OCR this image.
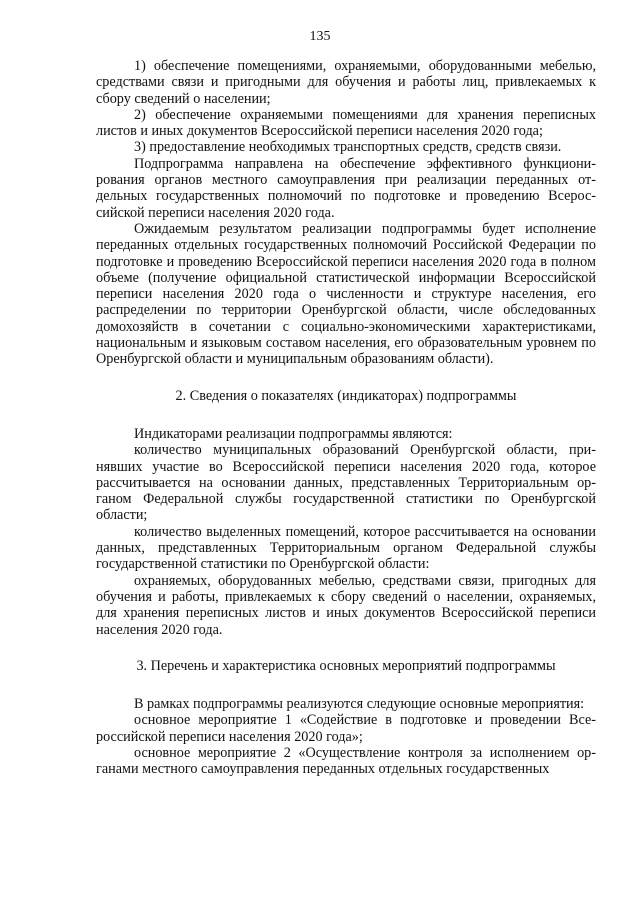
135

1) обеспечение помещениями, охраняемыми, оборудованными мебелью, средствами связи и пригодными для обучения и работы лиц, привлекаемых к сбору сведений о населении;

2) обеспечение охраняемыми помещениями для хранения переписных листов и иных документов Всероссийской переписи населения 2020 года;

3) предоставление необходимых транспортных средств, средств связи.

Подпрограмма направлена на обеспечение эффективного функционирования органов местного самоуправления при реализации переданных отдельных государственных полномочий по подготовке и проведению Всероссийской переписи населения 2020 года.

Ожидаемым результатом реализации подпрограммы будет исполнение переданных отдельных государственных полномочий Российской Федерации по подготовке и проведению Всероссийской переписи населения 2020 года в полном объеме (получение официальной статистической информации Всероссийской переписи населения 2020 года о численности и структуре населения, его распределении по территории Оренбургской области, числе обследованных домохозяйств в сочетании с социально-экономическими характеристиками, национальным и языковым составом населения, его образовательным уровнем по Оренбургской области и муниципальным образованиям области).

2. Сведения о показателях (индикаторах) подпрограммы

Индикаторами реализации подпрограммы являются:

количество муниципальных образований Оренбургской области, принявших участие во Всероссийской переписи населения 2020 года, которое рассчитывается на основании данных, представленных Территориальным органом Федеральной службы государственной статистики по Оренбургской области;

количество выделенных помещений, которое рассчитывается на основании данных, представленных Территориальным органом Федеральной службы государственной статистики по Оренбургской области:

охраняемых, оборудованных мебелью, средствами связи, пригодных для обучения и работы, привлекаемых к сбору сведений о населении, охраняемых, для хранения переписных листов и иных документов Всероссийской переписи населения 2020 года.

3. Перечень и характеристика основных мероприятий подпрограммы

В рамках подпрограммы реализуются следующие основные мероприятия:

основное мероприятие 1 «Содействие в подготовке и проведении Всероссийской переписи населения 2020 года»;

основное мероприятие 2 «Осуществление контроля за исполнением органами местного самоуправления переданных отдельных государственных
